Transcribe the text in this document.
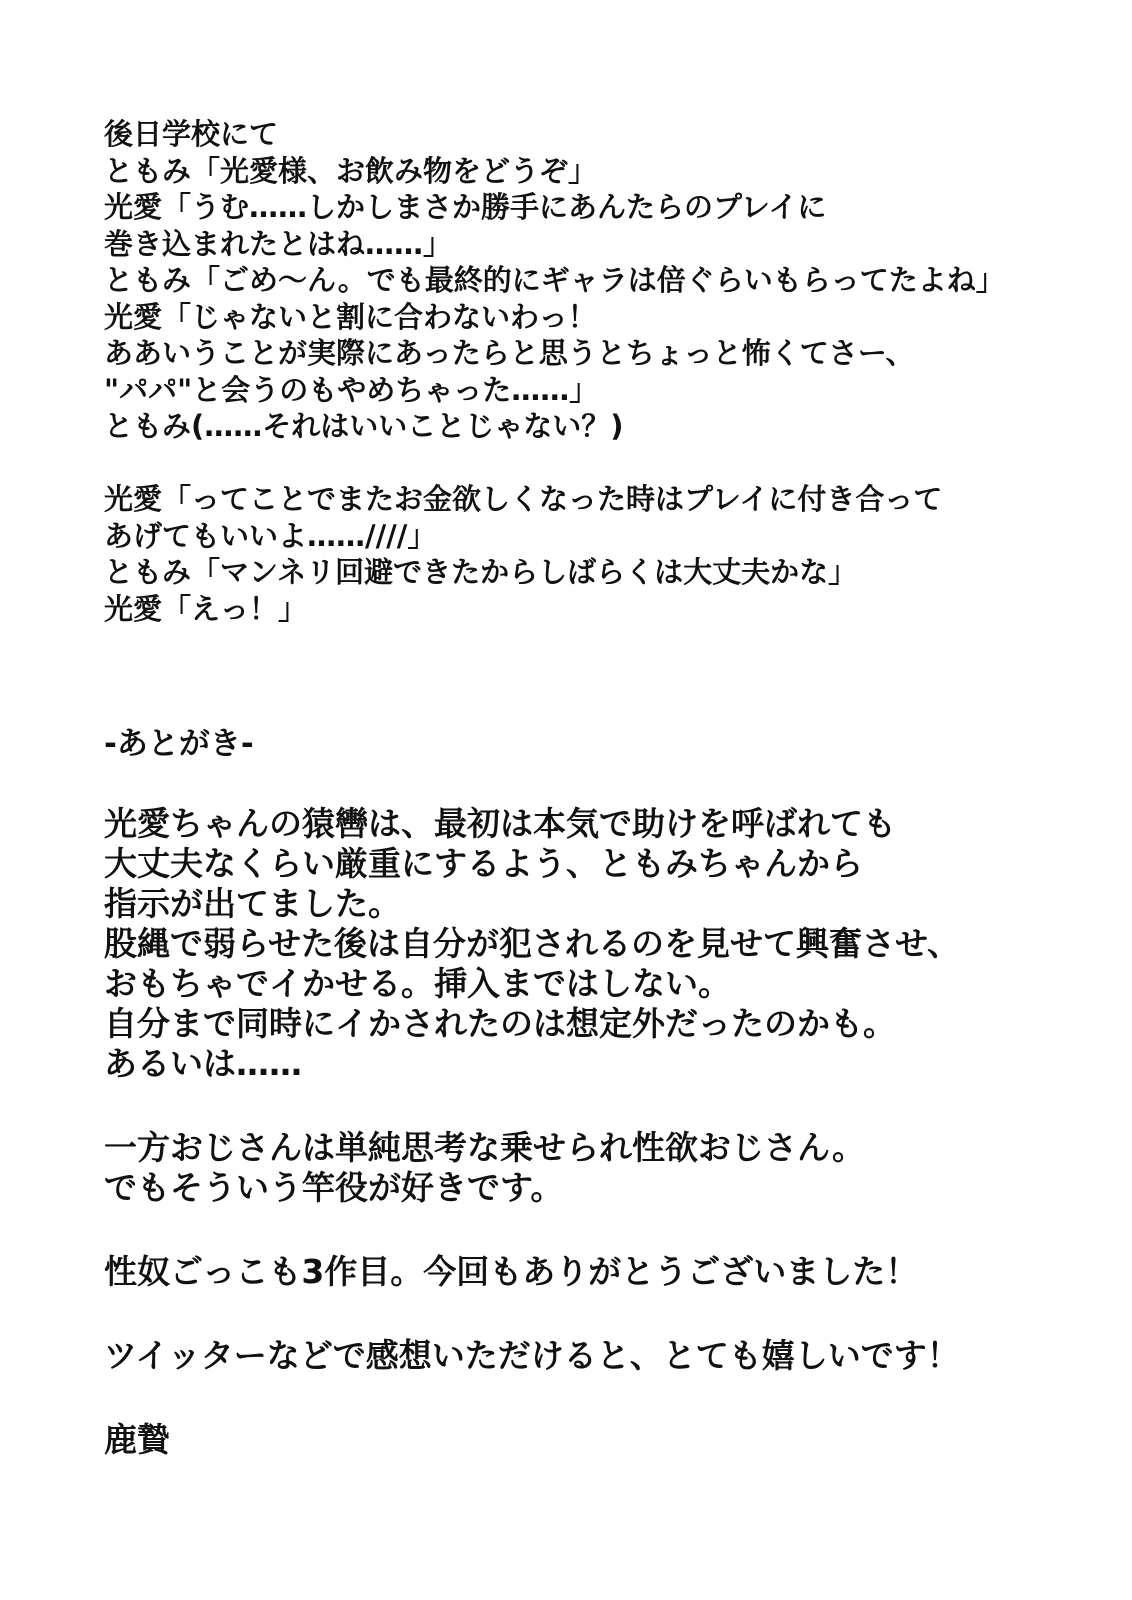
後日学校にて
ともみ「光愛様、お飲み物をどうぞ」
光愛「うむ……しかしまさか勝手にあんたらのプレイに
巻き込まれたとはね……」
ともみ「ごめ〜ん。でも最終的にギャラは倍ぐらいもらってたよね」
光愛「じゃないと割に合わないわっ！
ああいうことが実際にあったらと思うとちょっと怖くてさー、
"パパ"と会うのもやめちゃった……」
ともみ(……それはいいことじゃない？)
光愛「ってことでまたお金欲しくなった時はプレイに付き合って
あげてもいいよ……////」
ともみ「マンネリ回避できたからしばらくは大丈夫かな」
光愛「えっ！」
-あとがき-
光愛ちゃんの猿轡は、最初は本気で助けを呼ばれても
大丈夫なくらい厳重にするよう、ともみちゃんから
指示が出てました。
股縄で弱らせた後は自分が犯されるのを見せて興奮させ、
おもちゃでイかせる。挿入まではしない。
自分まで同時にイかされたのは想定外だったのかも。
あるいは……
一方おじさんは単純思考な乗せられ性欲おじさん。
でもそういう竿役が好きです。
性奴ごっこも3作目。今回もありがとうございました！
ツイッターなどで感想いただけると、とても嬉しいです！
鹿贄
